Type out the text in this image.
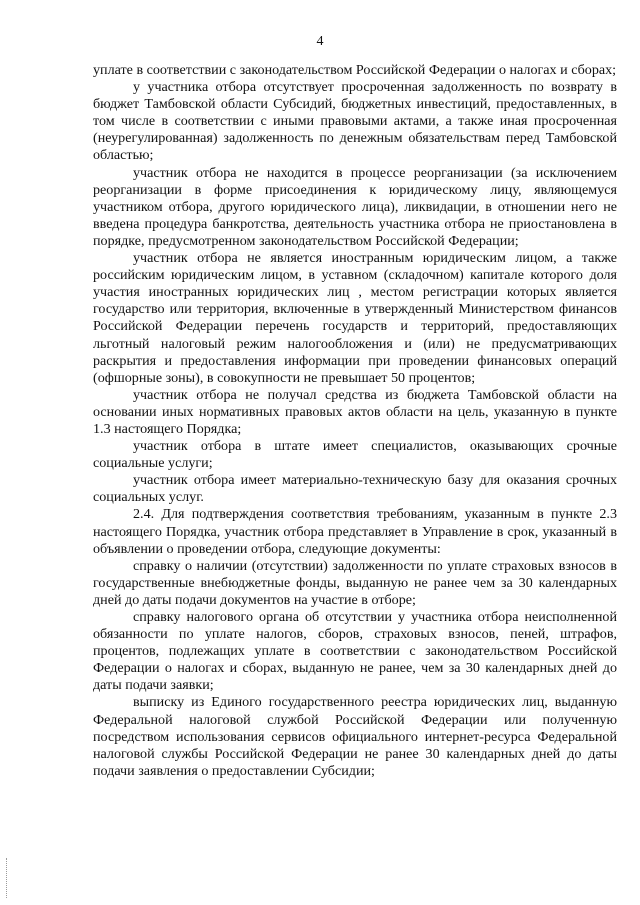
4

уплате в соответствии с законодательством Российской Федерации о налогах и сборах;

у участника отбора отсутствует просроченная задолженность по возврату в бюджет Тамбовской области Субсидий, бюджетных инвестиций, предоставленных, в том числе в соответствии с иными правовыми актами, а также иная просроченная (неурегулированная) задолженность по денежным обязательствам перед Тамбовской областью;

участник отбора не находится в процессе реорганизации (за исключением реорганизации в форме присоединения к юридическому лицу, являющемуся участником отбора, другого юридического лица), ликвидации, в отношении него не введена процедура банкротства, деятельность участника отбора не приостановлена в порядке, предусмотренном законодательством Российской Федерации;

участник отбора не является иностранным юридическим лицом, а также российским юридическим лицом, в уставном (складочном) капитале которого доля участия иностранных юридических лиц , местом регистрации которых является государство или территория, включенные в утвержденный Министерством финансов Российской Федерации перечень государств и территорий, предоставляющих льготный налоговый режим налогообложения и (или) не предусматривающих раскрытия и предоставления информации при проведении финансовых операций (офшорные зоны), в совокупности не превышает 50 процентов;

участник отбора не получал средства из бюджета Тамбовской области на основании иных нормативных правовых актов области на цель, указанную в пункте 1.3 настоящего Порядка;

участник отбора в штате имеет специалистов, оказывающих срочные социальные услуги;

участник отбора имеет материально-техническую базу для оказания срочных социальных услуг.

2.4. Для подтверждения соответствия требованиям, указанным в пункте 2.3 настоящего Порядка, участник отбора представляет в Управление в срок, указанный в объявлении о проведении отбора, следующие документы:

справку о наличии (отсутствии) задолженности по уплате страховых взносов в государственные внебюджетные фонды, выданную не ранее чем за 30 календарных дней до даты подачи документов на участие в отборе;

справку налогового органа об отсутствии у участника отбора неисполненной обязанности по уплате налогов, сборов, страховых взносов, пеней, штрафов, процентов, подлежащих уплате в соответствии с законодательством Российской Федерации о налогах и сборах, выданную не ранее, чем за 30 календарных дней до даты подачи заявки;

выписку из Единого государственного реестра юридических лиц, выданную Федеральной налоговой службой Российской Федерации или полученную посредством использования сервисов официального интернет-ресурса Федеральной налоговой службы Российской Федерации не ранее 30 календарных дней до даты подачи заявления о предоставлении Субсидии;
